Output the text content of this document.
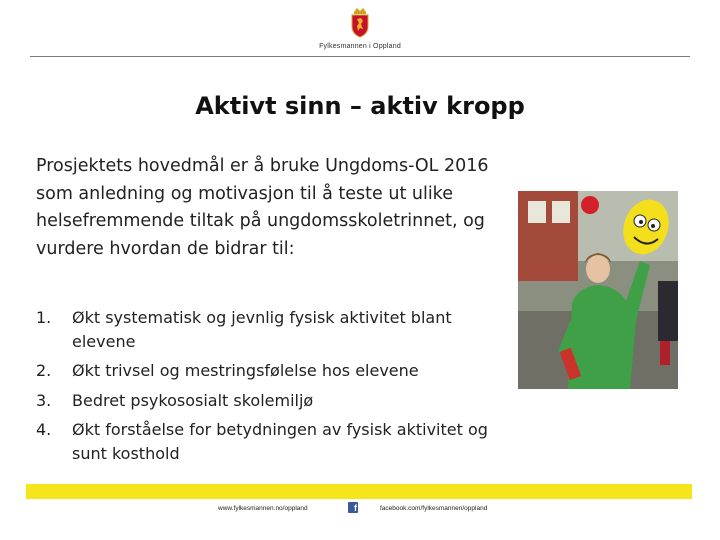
Fylkesmannen i Oppland
Aktivt sinn – aktiv kropp

Prosjektets hovedmål er å bruke Ungdoms-OL 2016 som anledning og motivasjon til å teste ut ulike helsefremmende tiltak på ungdomsskoletrinnet, og vurdere hvordan de bidrar til:

1. Økt systematisk og jevnlig fysisk aktivitet blant elevene
2. Økt trivsel og mestringsfølelse hos elevene
3. Bedret psykososialt skolemiljø
4. Økt forståelse for betydningen av fysisk aktivitet og sunt kosthold
www.fylkesmannen.no/oppland	f	facebook.com/fylkesmannen/oppland
